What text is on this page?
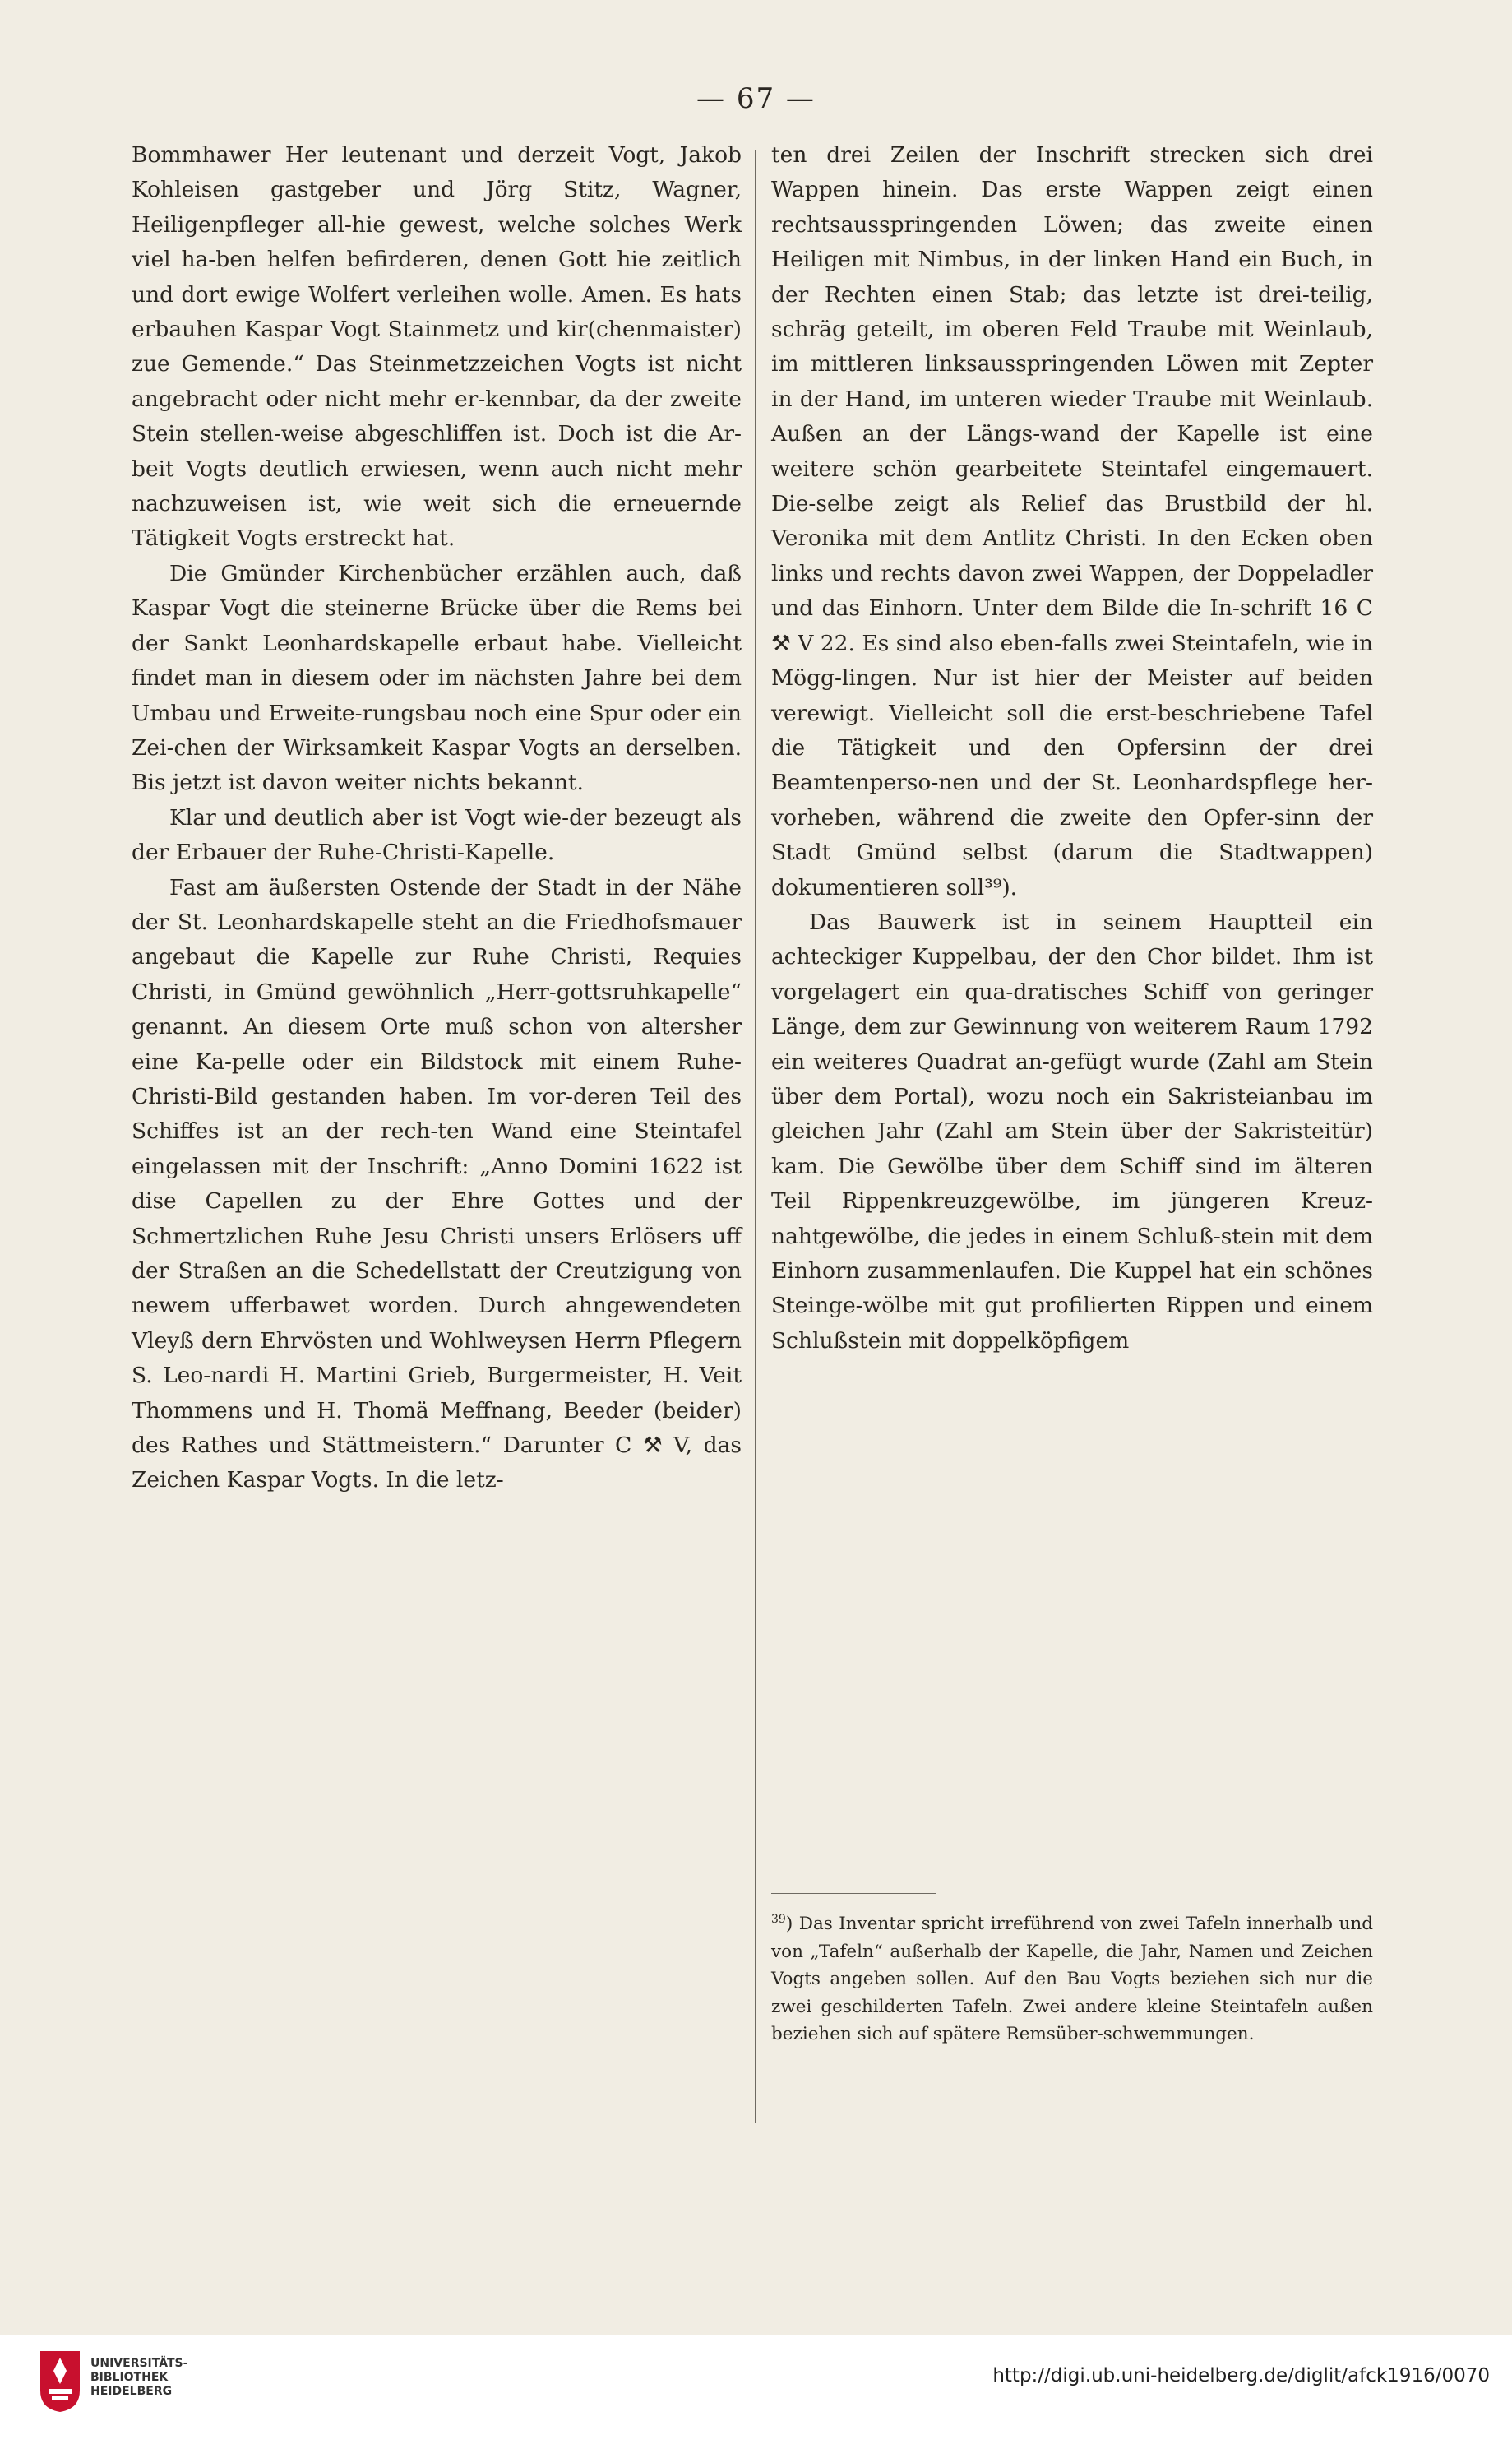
— 67 —

Bommhawer Her leutenant und derzeit Vogt, Jakob Kohleisen gastgeber und Jörg Stitz, Wagner, Heiligenpfleger all-hie gewest, welche solches Werk viel ha-ben helfen befirderen, denen Gott hie zeitlich und dort ewige Wolfert verleihen wolle. Amen. Es hats erbauhen Kaspar Vogt Stainmetz und kir(chenmaister) zue Gemende.“ Das Steinmetzzeichen Vogts ist nicht angebracht oder nicht mehr er-kennbar, da der zweite Stein stellen-weise abgeschliffen ist. Doch ist die Ar-beit Vogts deutlich erwiesen, wenn auch nicht mehr nachzuweisen ist, wie weit sich die erneuernde Tätigkeit Vogts erstreckt hat.

Die Gmünder Kirchenbücher erzählen auch, daß Kaspar Vogt die steinerne Brücke über die Rems bei der Sankt Leonhardskapelle erbaut habe. Vielleicht findet man in diesem oder im nächsten Jahre bei dem Umbau und Erweite-rungsbau noch eine Spur oder ein Zei-chen der Wirksamkeit Kaspar Vogts an derselben. Bis jetzt ist davon weiter nichts bekannt.

Klar und deutlich aber ist Vogt wie-der bezeugt als der Erbauer der Ruhe-Christi-Kapelle.

Fast am äußersten Ostende der Stadt in der Nähe der St. Leonhardskapelle steht an die Friedhofsmauer angebaut die Kapelle zur Ruhe Christi, Requies Christi, in Gmünd gewöhnlich „Herr-gottsruhkapelle“ genannt. An diesem Orte muß schon von altersher eine Ka-pelle oder ein Bildstock mit einem Ruhe-Christi-Bild gestanden haben. Im vor-deren Teil des Schiffes ist an der rech-ten Wand eine Steintafel eingelassen mit der Inschrift: „Anno Domini 1622 ist dise Capellen zu der Ehre Gottes und der Schmertzlichen Ruhe Jesu Christi unsers Erlösers uff der Straßen an die Schedellstatt der Creutzigung von newem ufferbawet worden. Durch ahngewendeten Vleyß dern Ehrvösten und Wohlweysen Herrn Pflegern S. Leo-nardi H. Martini Grieb, Burgermeister, H. Veit Thommens und H. Thomä Meffnang, Beeder (beider) des Rathes und Stättmeistern.“ Darunter C ⚒ V, das Zeichen Kaspar Vogts. In die letz-

ten drei Zeilen der Inschrift strecken sich drei Wappen hinein. Das erste Wappen zeigt einen rechtsausspringenden Löwen; das zweite einen Heiligen mit Nimbus, in der linken Hand ein Buch, in der Rechten einen Stab; das letzte ist drei-teilig, schräg geteilt, im oberen Feld Traube mit Weinlaub, im mittleren linksausspringenden Löwen mit Zepter in der Hand, im unteren wieder Traube mit Weinlaub. Außen an der Längs-wand der Kapelle ist eine weitere schön gearbeitete Steintafel eingemauert. Die-selbe zeigt als Relief das Brustbild der hl. Veronika mit dem Antlitz Christi. In den Ecken oben links und rechts davon zwei Wappen, der Doppeladler und das Einhorn. Unter dem Bilde die In-schrift 16 C ⚒ V 22. Es sind also eben-falls zwei Steintafeln, wie in Mögg-lingen. Nur ist hier der Meister auf beiden verewigt. Vielleicht soll die erst-beschriebene Tafel die Tätigkeit und den Opfersinn der drei Beamtenperso-nen und der St. Leonhardspflege her-vorheben, während die zweite den Opfer-sinn der Stadt Gmünd selbst (darum die Stadtwappen) dokumentieren soll³⁹).

Das Bauwerk ist in seinem Hauptteil ein achteckiger Kuppelbau, der den Chor bildet. Ihm ist vorgelagert ein qua-dratisches Schiff von geringer Länge, dem zur Gewinnung von weiterem Raum 1792 ein weiteres Quadrat an-gefügt wurde (Zahl am Stein über dem Portal), wozu noch ein Sakristeianbau im gleichen Jahr (Zahl am Stein über der Sakristeitür) kam. Die Gewölbe über dem Schiff sind im älteren Teil Rippenkreuzgewölbe, im jüngeren Kreuz-nahtgewölbe, die jedes in einem Schluß-stein mit dem Einhorn zusammenlaufen. Die Kuppel hat ein schönes Steinge-wölbe mit gut profilierten Rippen und einem Schlußstein mit doppelköpfigem

$^{39}$) Das Inventar spricht irreführend von zwei Tafeln innerhalb und von „Tafeln“ außerhalb der Kapelle, die Jahr, Namen und Zeichen Vogts angeben sollen. Auf den Bau Vogts beziehen sich nur die zwei geschilderten Tafeln. Zwei andere kleine Steintafeln außen beziehen sich auf spätere Remsüber-schwemmungen.
UNIVERSITÄTS-
BIBLIOTHEK
HEIDELBERG
http://digi.ub.uni-heidelberg.de/diglit/afck1916/0070
